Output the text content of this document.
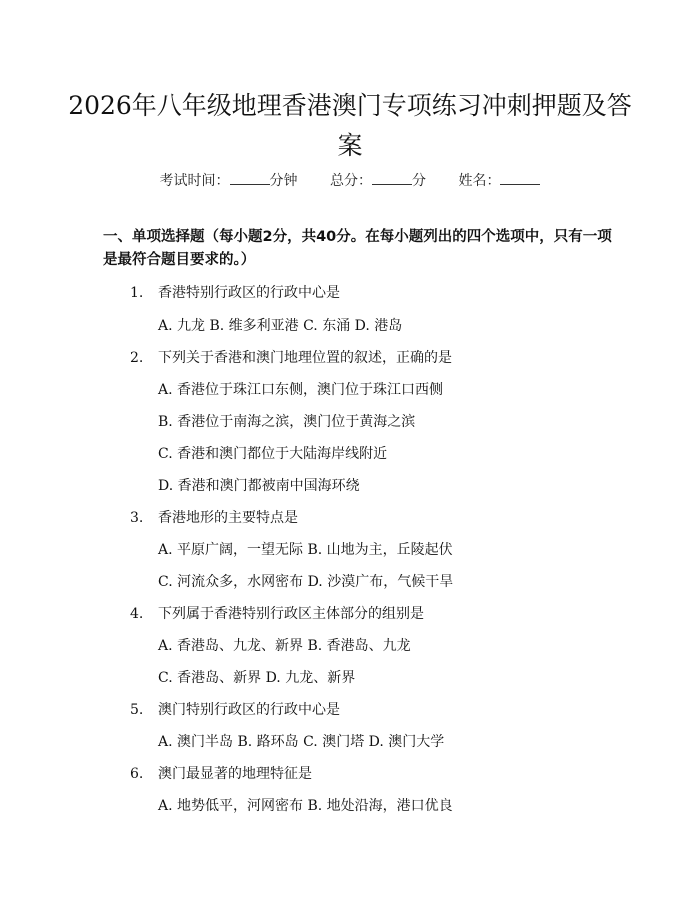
2026年八年级地理香港澳门专项练习冲刺押题及答案
考试时间：	分钟 总分：	分 姓名：

一、单项选择题（每小题2分，共40分。在每小题列出的四个选项中，只有一项是最符合题目要求的。）

1. 香港特别行政区的行政中心是
A. 九龙 B. 维多利亚港 C. 东涌 D. 港岛
2. 下列关于香港和澳门地理位置的叙述，正确的是
A. 香港位于珠江口东侧，澳门位于珠江口西侧
B. 香港位于南海之滨，澳门位于黄海之滨
C. 香港和澳门都位于大陆海岸线附近
D. 香港和澳门都被南中国海环绕
3. 香港地形的主要特点是
A. 平原广阔，一望无际 B. 山地为主，丘陵起伏
C. 河流众多，水网密布 D. 沙漠广布，气候干旱
4. 下列属于香港特别行政区主体部分的组别是
A. 香港岛、九龙、新界 B. 香港岛、九龙
C. 香港岛、新界 D. 九龙、新界
5. 澳门特别行政区的行政中心是
A. 澳门半岛 B. 路环岛 C. 澳门塔 D. 澳门大学
6. 澳门最显著的地理特征是
A. 地势低平，河网密布 B. 地处沿海，港口优良
